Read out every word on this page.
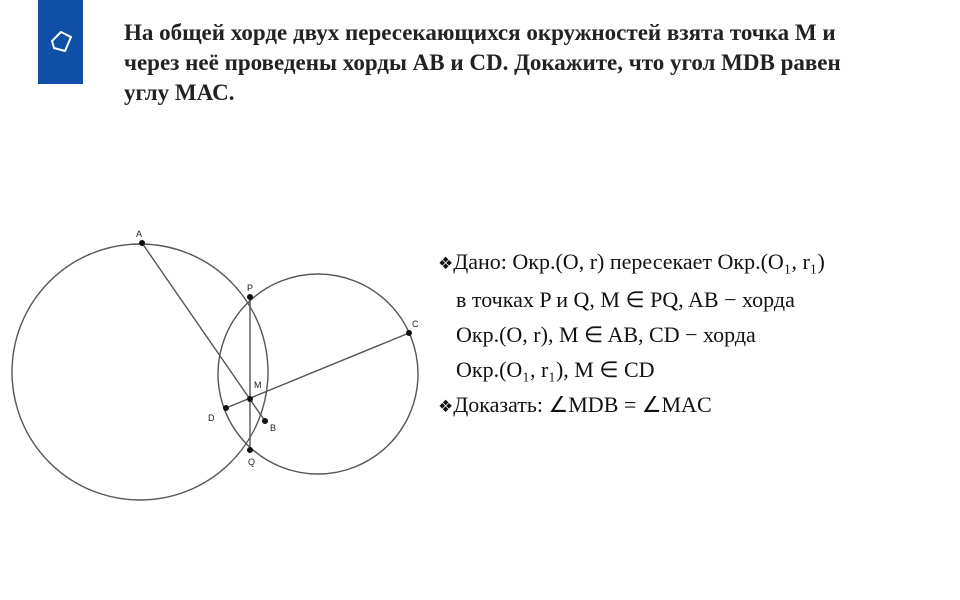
На общей хорде двух пересекающихся окружностей взята точка М и через неё проведены хорды АВ и CD. Докажите, что угол MDB равен углу МАС.
A
P
C
M
D
B
Q
❖Дано: Окр.(O, r) пересекает Окр.(O₁, r₁)
в точках P и Q, M ∈ PQ, AB − хорда
Окр.(O, r), M ∈ AB, CD − хорда
Окр.(O₁, r₁), M ∈ CD
❖Доказать: ∠MDB = ∠MAC
